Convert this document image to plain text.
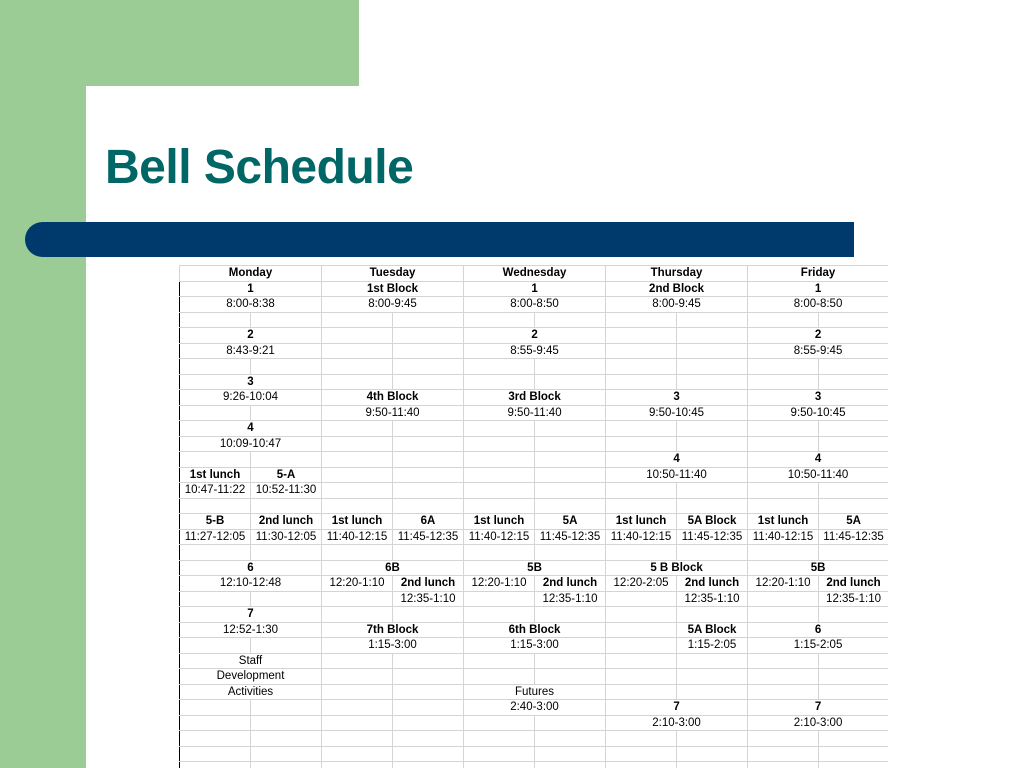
Bell Schedule
Monday		Tuesday		Wednesday		Thursday		Friday	
1		1st Block		1		2nd Block		1	
8:00-8:38		8:00-9:45		8:00-8:50		8:00-9:45		8:00-8:50	

2				2				2	
8:43-9:21				8:55-9:45				8:55-9:45	

3									
9:26-10:04		4th Block		3rd Block		3		3	
		9:50-11:40		9:50-11:40		9:50-10:45		9:50-10:45	
4									
10:09-10:47									
						4		4	
1st lunch	5-A					10:50-11:40		10:50-11:40	
10:47-11:22	10:52-11:30								

5-B	2nd lunch	1st lunch	6A	1st lunch	5A	1st lunch	5A Block	1st lunch	5A
11:27-12:05	11:30-12:05	11:40-12:15	11:45-12:35	11:40-12:15	11:45-12:35	11:40-12:15	11:45-12:35	11:40-12:15	11:45-12:35

6		6B		5B		5 B Block		5B	
12:10-12:48		12:20-1:10	2nd lunch	12:20-1:10	2nd lunch	12:20-2:05	2nd lunch	12:20-1:10	2nd lunch
			12:35-1:10		12:35-1:10		12:35-1:10		12:35-1:10
7									
12:52-1:30		7th Block		6th Block			5A Block	6	
		1:15-3:00		1:15-3:00			1:15-2:05	1:15-2:05	
Staff									
Development									
Activities				Futures					
				2:40-3:00		7		7	
						2:10-3:00		2:10-3:00	
